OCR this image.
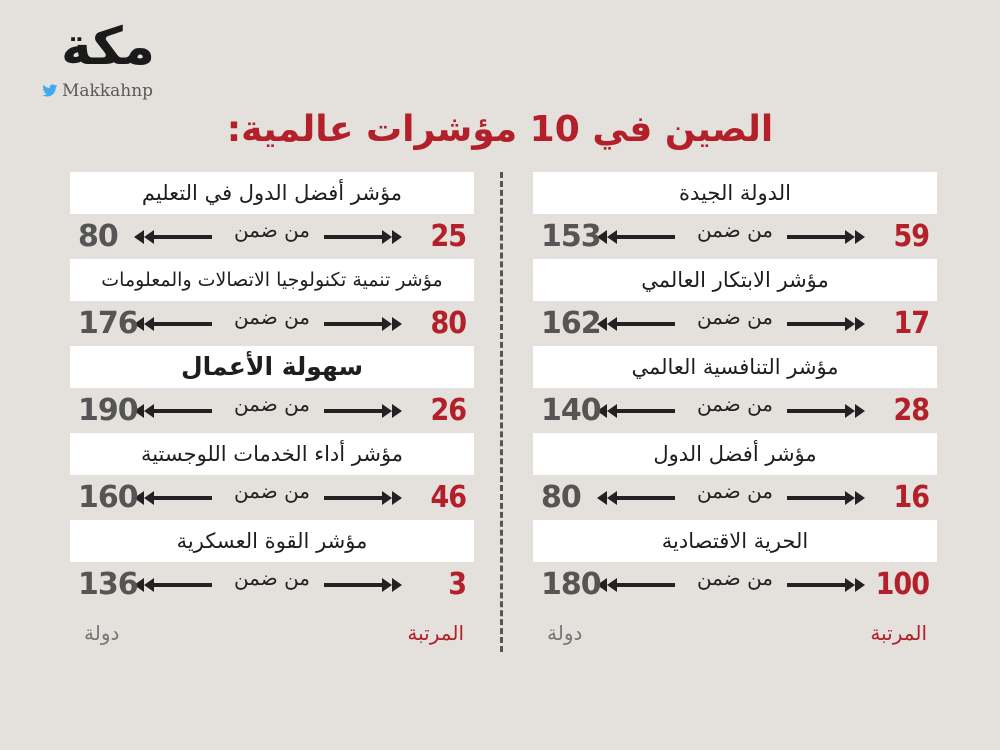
مكة
Makkahnp
الصين في 10 مؤشرات عالمية:
الدولة الجيدة
59
من ضمن
153
مؤشر الابتكار العالمي
17
من ضمن
162
مؤشر التنافسية العالمي
28
من ضمن
140
مؤشر أفضل الدول
16
من ضمن
80
الحرية الاقتصادية
100
من ضمن
180
المرتبة
دولة
مؤشر أفضل الدول في التعليم
25
من ضمن
80
مؤشر تنمية تكنولوجيا الاتصالات والمعلومات
80
من ضمن
176
سهولة الأعمال
26
من ضمن
190
مؤشر أداء الخدمات اللوجستية
46
من ضمن
160
مؤشر القوة العسكرية
3
من ضمن
136
المرتبة
دولة
